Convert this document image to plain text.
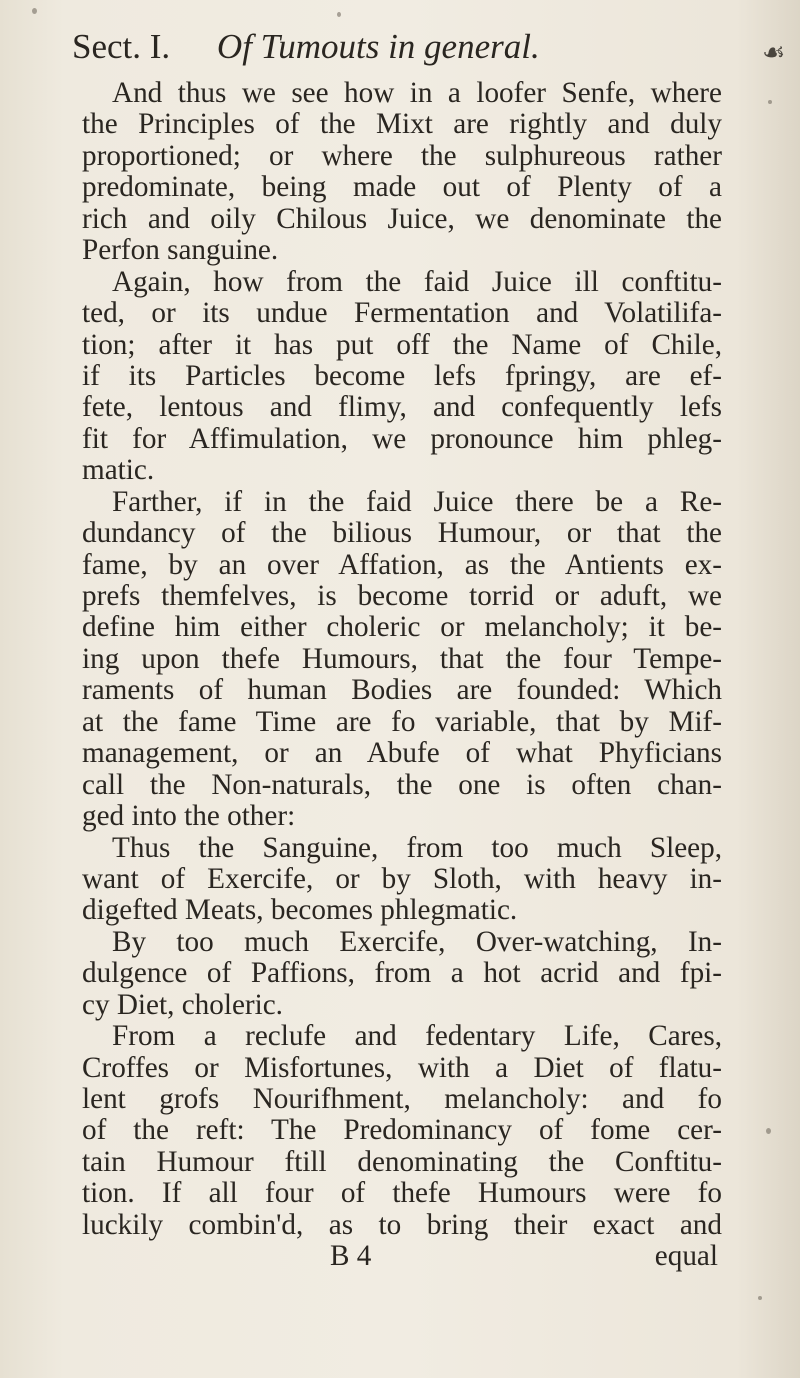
Sect. I. Of Tumouts in general.	☙
And thus we see how in a loofer Senfe, where
the Principles of the Mixt are rightly and duly
proportioned; or where the sulphureous rather
predominate, being made out of Plenty of a
rich and oily Chilous Juice, we denominate the
Perfon sanguine.
Again, how from the faid Juice ill conftitu-
ted, or its undue Fermentation and Volatilifa-
tion; after it has put off the Name of Chile,
if its Particles become lefs fpringy, are ef-
fete, lentous and flimy, and confequently lefs
fit for Affimulation, we pronounce him phleg-
matic.
Farther, if in the faid Juice there be a Re-
dundancy of the bilious Humour, or that the
fame, by an over Affation, as the Antients ex-
prefs themfelves, is become torrid or aduft, we
define him either choleric or melancholy; it be-
ing upon thefe Humours, that the four Tempe-
raments of human Bodies are founded: Which
at the fame Time are fo variable, that by Mif-
management, or an Abufe of what Phyficians
call the Non-naturals, the one is often chan-
ged into the other:
Thus the Sanguine, from too much Sleep,
want of Exercife, or by Sloth, with heavy in-
digefted Meats, becomes phlegmatic.
By too much Exercife, Over-watching, In-
dulgence of Paffions, from a hot acrid and fpi-
cy Diet, choleric.
From a reclufe and fedentary Life, Cares,
Croffes or Misfortunes, with a Diet of flatu-
lent grofs Nourifhment, melancholy: and fo
of the reft: The Predominancy of fome cer-
tain Humour ftill denominating the Conftitu-
tion. If all four of thefe Humours were fo
luckily combin'd, as to bring their exact and
B 4	equal
